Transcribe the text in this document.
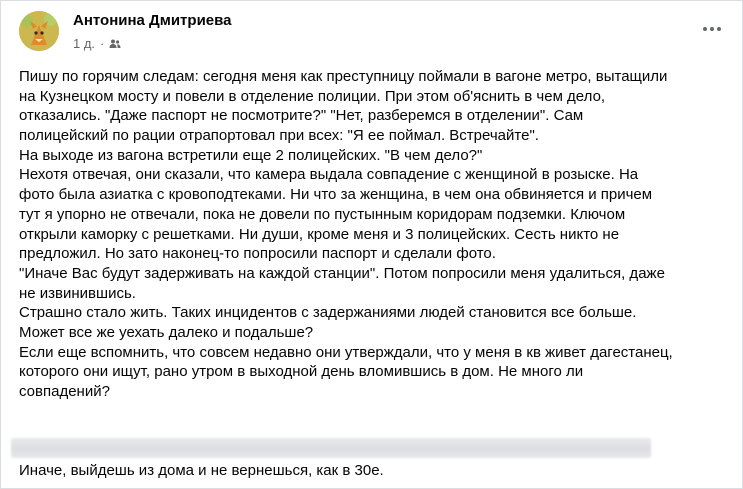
Антонина Дмитриева
1 д. ·
Пишу по горячим следам: сегодня меня как преступницу поймали в вагоне метро, вытащили
на Кузнецком мосту и повели в отделение полиции. При этом об'яснить в чем дело,
отказались. "Даже паспорт не посмотрите?" "Нет, разберемся в отделении". Сам
полицейский по рации отрапортовал при всех: "Я ее поймал. Встречайте".
На выходе из вагона встретили еще 2 полицейских. "В чем дело?"
Нехотя отвечая, они сказали, что камера выдала совпадение с женщиной в розыске. На
фото была азиатка с кровоподтеками. Ни что за женщина, в чем она обвиняется и причем
тут я упорно не отвечали, пока не довели по пустынным коридорам подземки. Ключом
открыли каморку с решетками. Ни души, кроме меня и 3 полицейских. Сесть никто не
предложил. Но зато наконец-то попросили паспорт и сделали фото.
"Иначе Вас будут задерживать на каждой станции". Потом попросили меня удалиться, даже
не извинившись.
Страшно стало жить. Таких инцидентов с задержаниями людей становится все больше.
Может все же уехать далеко и подальше?
Если еще вспомнить, что совсем недавно они утверждали, что у меня в кв живет дагестанец,
которого они ищут, рано утром в выходной день вломившись в дом. Не много ли
совпадений?
Иначе, выйдешь из дома и не вернешься, как в 30е.
